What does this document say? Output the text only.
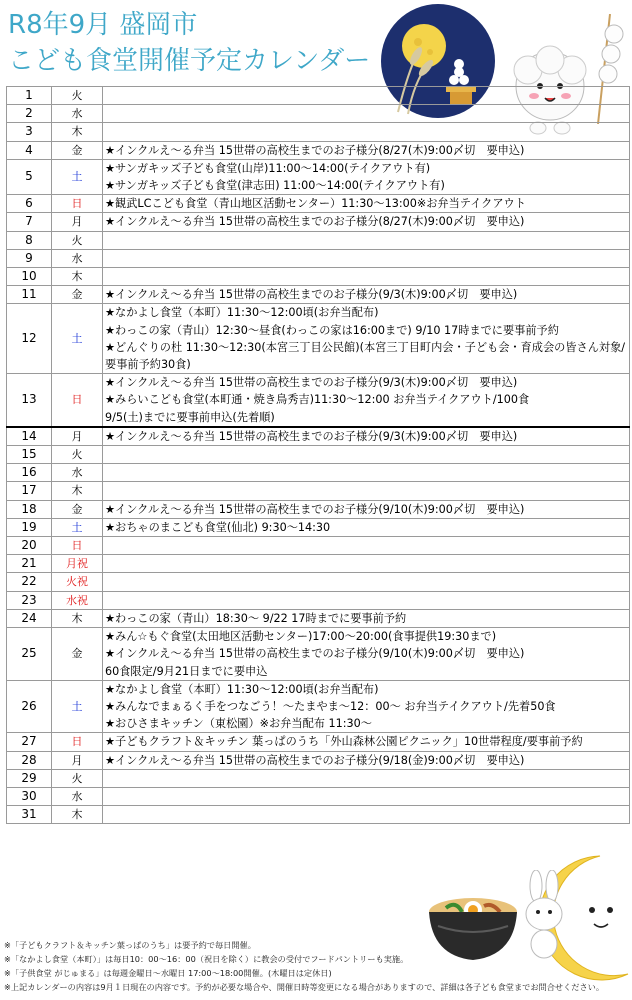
R8年9月 盛岡市
こども食堂開催予定カレンダー
1	火	
2	水	
3	木	
4	金	★インクルえ～る弁当 15世帯の高校生までのお子様分(8/27(木)9:00〆切　要申込)

5	土	★サンガキッズ子ども食堂(山岸)11:00～14:00(テイクアウト有)
★サンガキッズ子ども食堂(津志田) 11:00～14:00(テイクアウト有)

6	日	★観武LCこども食堂（青山地区活動センター）11:30～13:00※お弁当テイクアウト

7	月	★インクルえ～る弁当 15世帯の高校生までのお子様分(8/27(木)9:00〆切　要申込)

8	火	
9	水	
10	木	
11	金	★インクルえ～る弁当 15世帯の高校生までのお子様分(9/3(木)9:00〆切　要申込)

12	土	★なかよし食堂（本町）11:30～12:00頃(お弁当配布)
★わっこの家（青山）12:30～昼食(わっこの家は16:00まで) 9/10 17時までに要事前予約
★どんぐりの杜 11:30～12:30(本宮三丁目公民館)(本宮三丁目町内会・子ども会・育成会の皆さん対象/要事前予約30食)

13	日	★インクルえ～る弁当 15世帯の高校生までのお子様分(9/3(木)9:00〆切　要申込)
★みらいこども食堂(本町通・焼き鳥秀吉)11:30～12:00 お弁当テイクアウト/100食
9/5(土)までに要事前申込(先着順)

14	月	★インクルえ～る弁当 15世帯の高校生までのお子様分(9/3(木)9:00〆切　要申込)

15	火	
16	水	
17	木	
18	金	★インクルえ～る弁当 15世帯の高校生までのお子様分(9/10(木)9:00〆切　要申込)

19	土	★おちゃのまこども食堂(仙北) 9:30～14:30

20	日	
21	月祝	
22	火祝	
23	水祝	
24	木	★わっこの家（青山）18:30～ 9/22 17時までに要事前予約

25	金	★みん☆もぐ食堂(太田地区活動センター)17:00～20:00(食事提供19:30まで)
★インクルえ～る弁当 15世帯の高校生までのお子様分(9/10(木)9:00〆切　要申込)
60食限定/9月21日までに要申込

26	土	★なかよし食堂（本町）11:30～12:00頃(お弁当配布)
★みんなでまぁるく手をつなごう！～たまやま～12：00～ お弁当テイクアウト/先着50食
★おひさまキッチン（東松園）※お弁当配布 11:30～

27	日	★子どもクラフト＆キッチン 葉っぱのうち「外山森林公園ピクニック」10世帯程度/要事前予約

28	月	★インクルえ～る弁当 15世帯の高校生までのお子様分(9/18(金)9:00〆切　要申込)

29	火	
30	水	
31	木	
※「子どもクラフト＆キッチン葉っぱのうち」は要予約で毎日開催。
※「なかよし食堂（本町）」は毎日10：00～16：00（祝日を除く）に教会の受付でフードパントリーも実施。
※「子供食堂 がじゅまる」は毎週金曜日～水曜日 17:00～18:00開催。(木曜日は定休日)
※上記カレンダーの内容は9月１日現在の内容です。予約が必要な場合や、開催日時等変更になる場合がありますので、詳細は各子ども食堂までお問合せください。
